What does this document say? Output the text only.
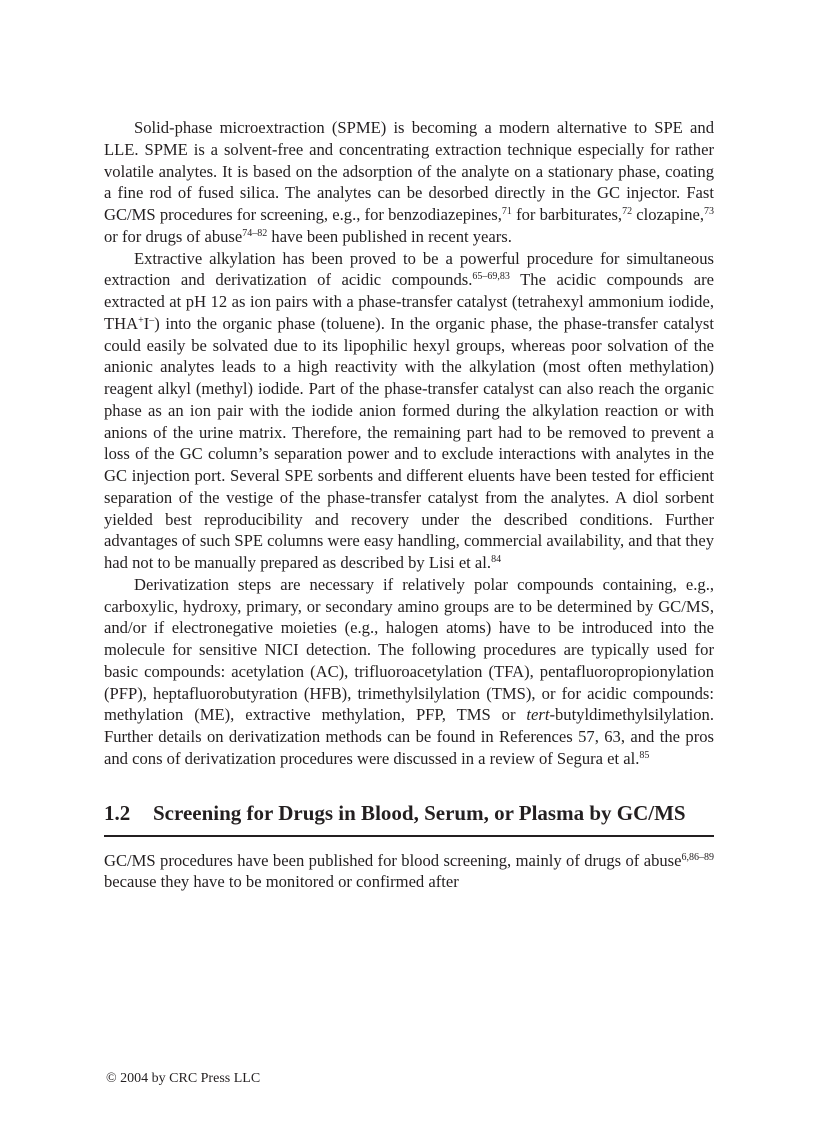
Solid-phase microextraction (SPME) is becoming a modern alternative to SPE and LLE. SPME is a solvent-free and concentrating extraction technique especially for rather volatile analytes. It is based on the adsorption of the analyte on a stationary phase, coating a fine rod of fused silica. The analytes can be desorbed directly in the GC injector. Fast GC/MS procedures for screening, e.g., for benzodiazepines,$^{71}$ for barbiturates,$^{72}$ clozapine,$^{73}$ or for drugs of abuse$^{74-82}$ have been published in recent years.

Extractive alkylation has been proved to be a powerful procedure for simultaneous extraction and derivatization of acidic compounds.$^{65-69,83}$ The acidic compounds are extracted at pH 12 as ion pairs with a phase-transfer catalyst (tetrahexyl ammonium iodide, THA+I–) into the organic phase (toluene). In the organic phase, the phase-transfer catalyst could easily be solvated due to its lipophilic hexyl groups, whereas poor solvation of the anionic analytes leads to a high reactivity with the alkylation (most often methylation) reagent alkyl (methyl) iodide. Part of the phase-transfer catalyst can also reach the organic phase as an ion pair with the iodide anion formed during the alkylation reaction or with anions of the urine matrix. Therefore, the remaining part had to be removed to prevent a loss of the GC column’s separation power and to exclude interactions with analytes in the GC injection port. Several SPE sorbents and different eluents have been tested for efficient separation of the vestige of the phase-transfer catalyst from the analytes. A diol sorbent yielded best reproducibility and recovery under the described conditions. Further advantages of such SPE columns were easy handling, commercial availability, and that they had not to be manually prepared as described by Lisi et al.$^{84}$

Derivatization steps are necessary if relatively polar compounds containing, e.g., carboxylic, hydroxy, primary, or secondary amino groups are to be determined by GC/MS, and/or if electronegative moieties (e.g., halogen atoms) have to be introduced into the molecule for sensitive NICI detection. The following procedures are typically used for basic compounds: acetylation (AC), trifluoroacetylation (TFA), pentafluoropropionylation (PFP), heptafluorobutyration (HFB), trimethylsilylation (TMS), or for acidic compounds: methylation (ME), extractive methylation, PFP, TMS or tert-butyldimethylsilylation. Further details on derivatization methods can be found in References 57, 63, and the pros and cons of derivatization procedures were discussed in a review of Segura et al.$^{85}$

1.2	Screening for Drugs in Blood, Serum, or Plasma by GC/MS

GC/MS procedures have been published for blood screening, mainly of drugs of abuse$^{6,86-89}$ because they have to be monitored or confirmed after

© 2004 by CRC Press LLC
